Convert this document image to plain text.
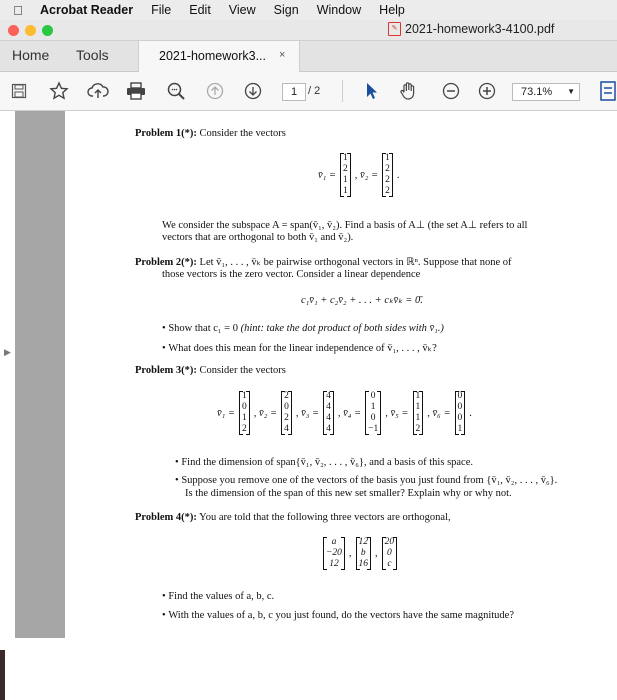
Acrobat Reader	File	Edit	View	Sign	Window	Help
✎ 2021-homework3-4100.pdf
Home Tools	2021-homework3... ×
1 / 2	73.1% ▼
▶
Problem 1(*): Consider the vectors
v̄₁ =
1
2
1
1
, v̄₂ =
1
2
2
2
.
We consider the subspace A = span(v̄₁, v̄₂). Find a basis of A⊥ (the set A⊥ refers to all
vectors that are orthogonal to both v̄₁ and v̄₂).
Problem 2(*): Let v̄₁, . . . , v̄ₖ be pairwise orthogonal vectors in ℝⁿ. Suppose that none of
those vectors is the zero vector. Consider a linear dependence
c₁v̄₁ + c₂v̄₂ + . . . + cₖv̄ₖ = 0̄.
• Show that c₁ = 0 (hint: take the dot product of both sides with v̄₁.)
• What does this mean for the linear independence of v̄₁, . . . , v̄ₖ?
Problem 3(*): Consider the vectors
v̄₁ =
1
0
1
2
, v̄₂ =
2
0
2
4
, v̄₃ =
4
4
4
4
, v̄₄ =
0
1
0
−1
, v̄₅ =
1
1
1
2
, v̄₆ =
0
0
0
1
.
• Find the dimension of span{v̄₁, v̄₂, . . . , v̄₆}, and a basis of this space.
• Suppose you remove one of the vectors of the basis you just found from {v̄₁, v̄₂, . . . , v̄₆}.
Is the dimension of the span of this new set smaller? Explain why or why not.
Problem 4(*): You are told that the following three vectors are orthogonal,
a
−20
12
,
12
b
16
,
20
0
c
• Find the values of a, b, c.
• With the values of a, b, c you just found, do the vectors have the same magnitude?
